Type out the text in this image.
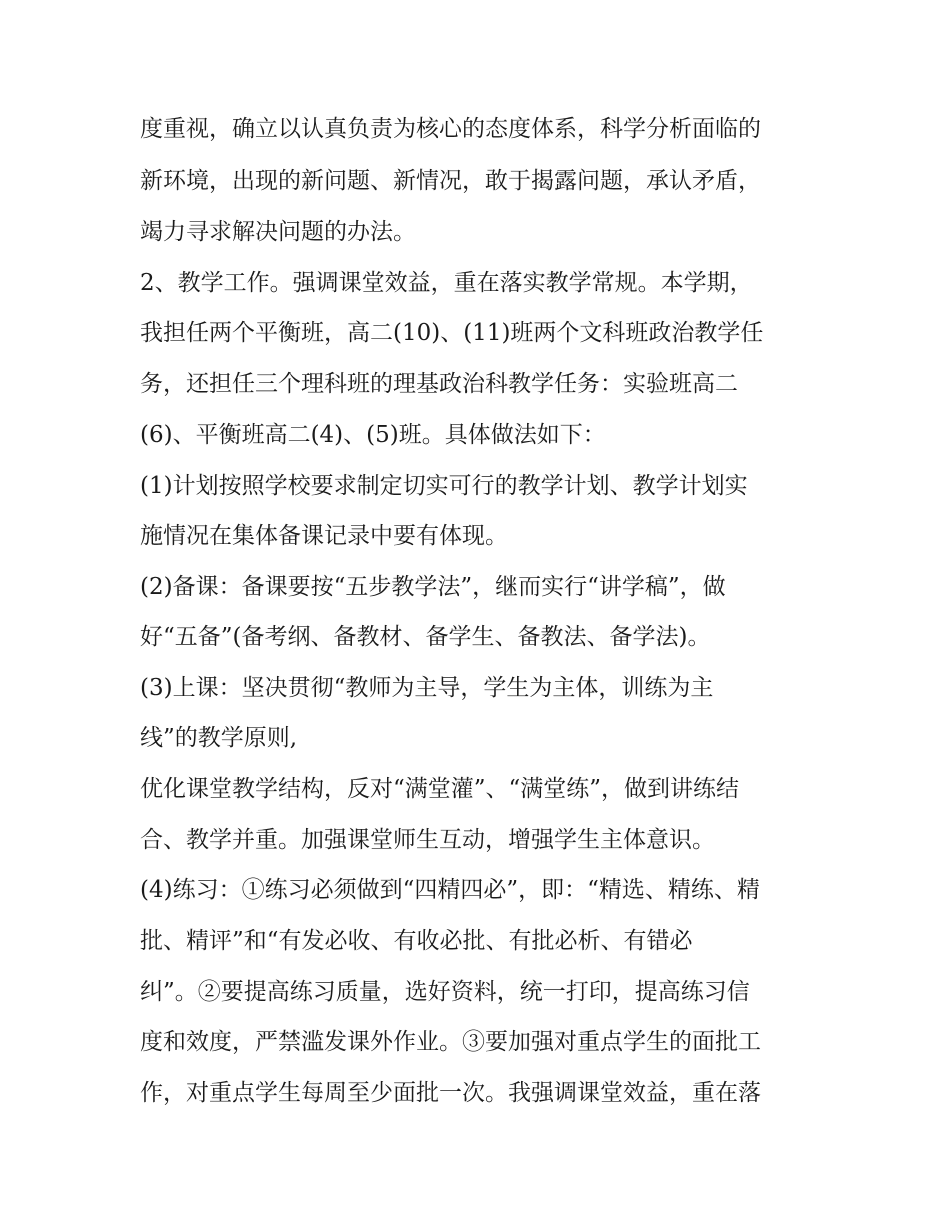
度重视，确立以认真负责为核心的态度体系，科学分析面临的
新环境，出现的新问题、新情况，敢于揭露问题，承认矛盾，
竭力寻求解决问题的办法。
2、教学工作。强调课堂效益，重在落实教学常规。本学期，
我担任两个平衡班，高二(10)、(11)班两个文科班政治教学任
务，还担任三个理科班的理基政治科教学任务：实验班高二
(6)、平衡班高二(4)、(5)班。具体做法如下：
(1)计划按照学校要求制定切实可行的教学计划、教学计划实
施情况在集体备课记录中要有体现。
(2)备课：备课要按“五步教学法”，继而实行“讲学稿”，做
好“五备”(备考纲、备教材、备学生、备教法、备学法)。
(3)上课：坚决贯彻“教师为主导，学生为主体，训练为主
线”的教学原则,
优化课堂教学结构，反对“满堂灌”、“满堂练”，做到讲练结
合、教学并重。加强课堂师生互动，增强学生主体意识。
(4)练习：①练习必须做到“四精四必”，即：“精选、精练、精
批、精评”和“有发必收、有收必批、有批必析、有错必
纠”。②要提高练习质量，选好资料，统一打印，提高练习信
度和效度，严禁滥发课外作业。③要加强对重点学生的面批工
作，对重点学生每周至少面批一次。我强调课堂效益，重在落
